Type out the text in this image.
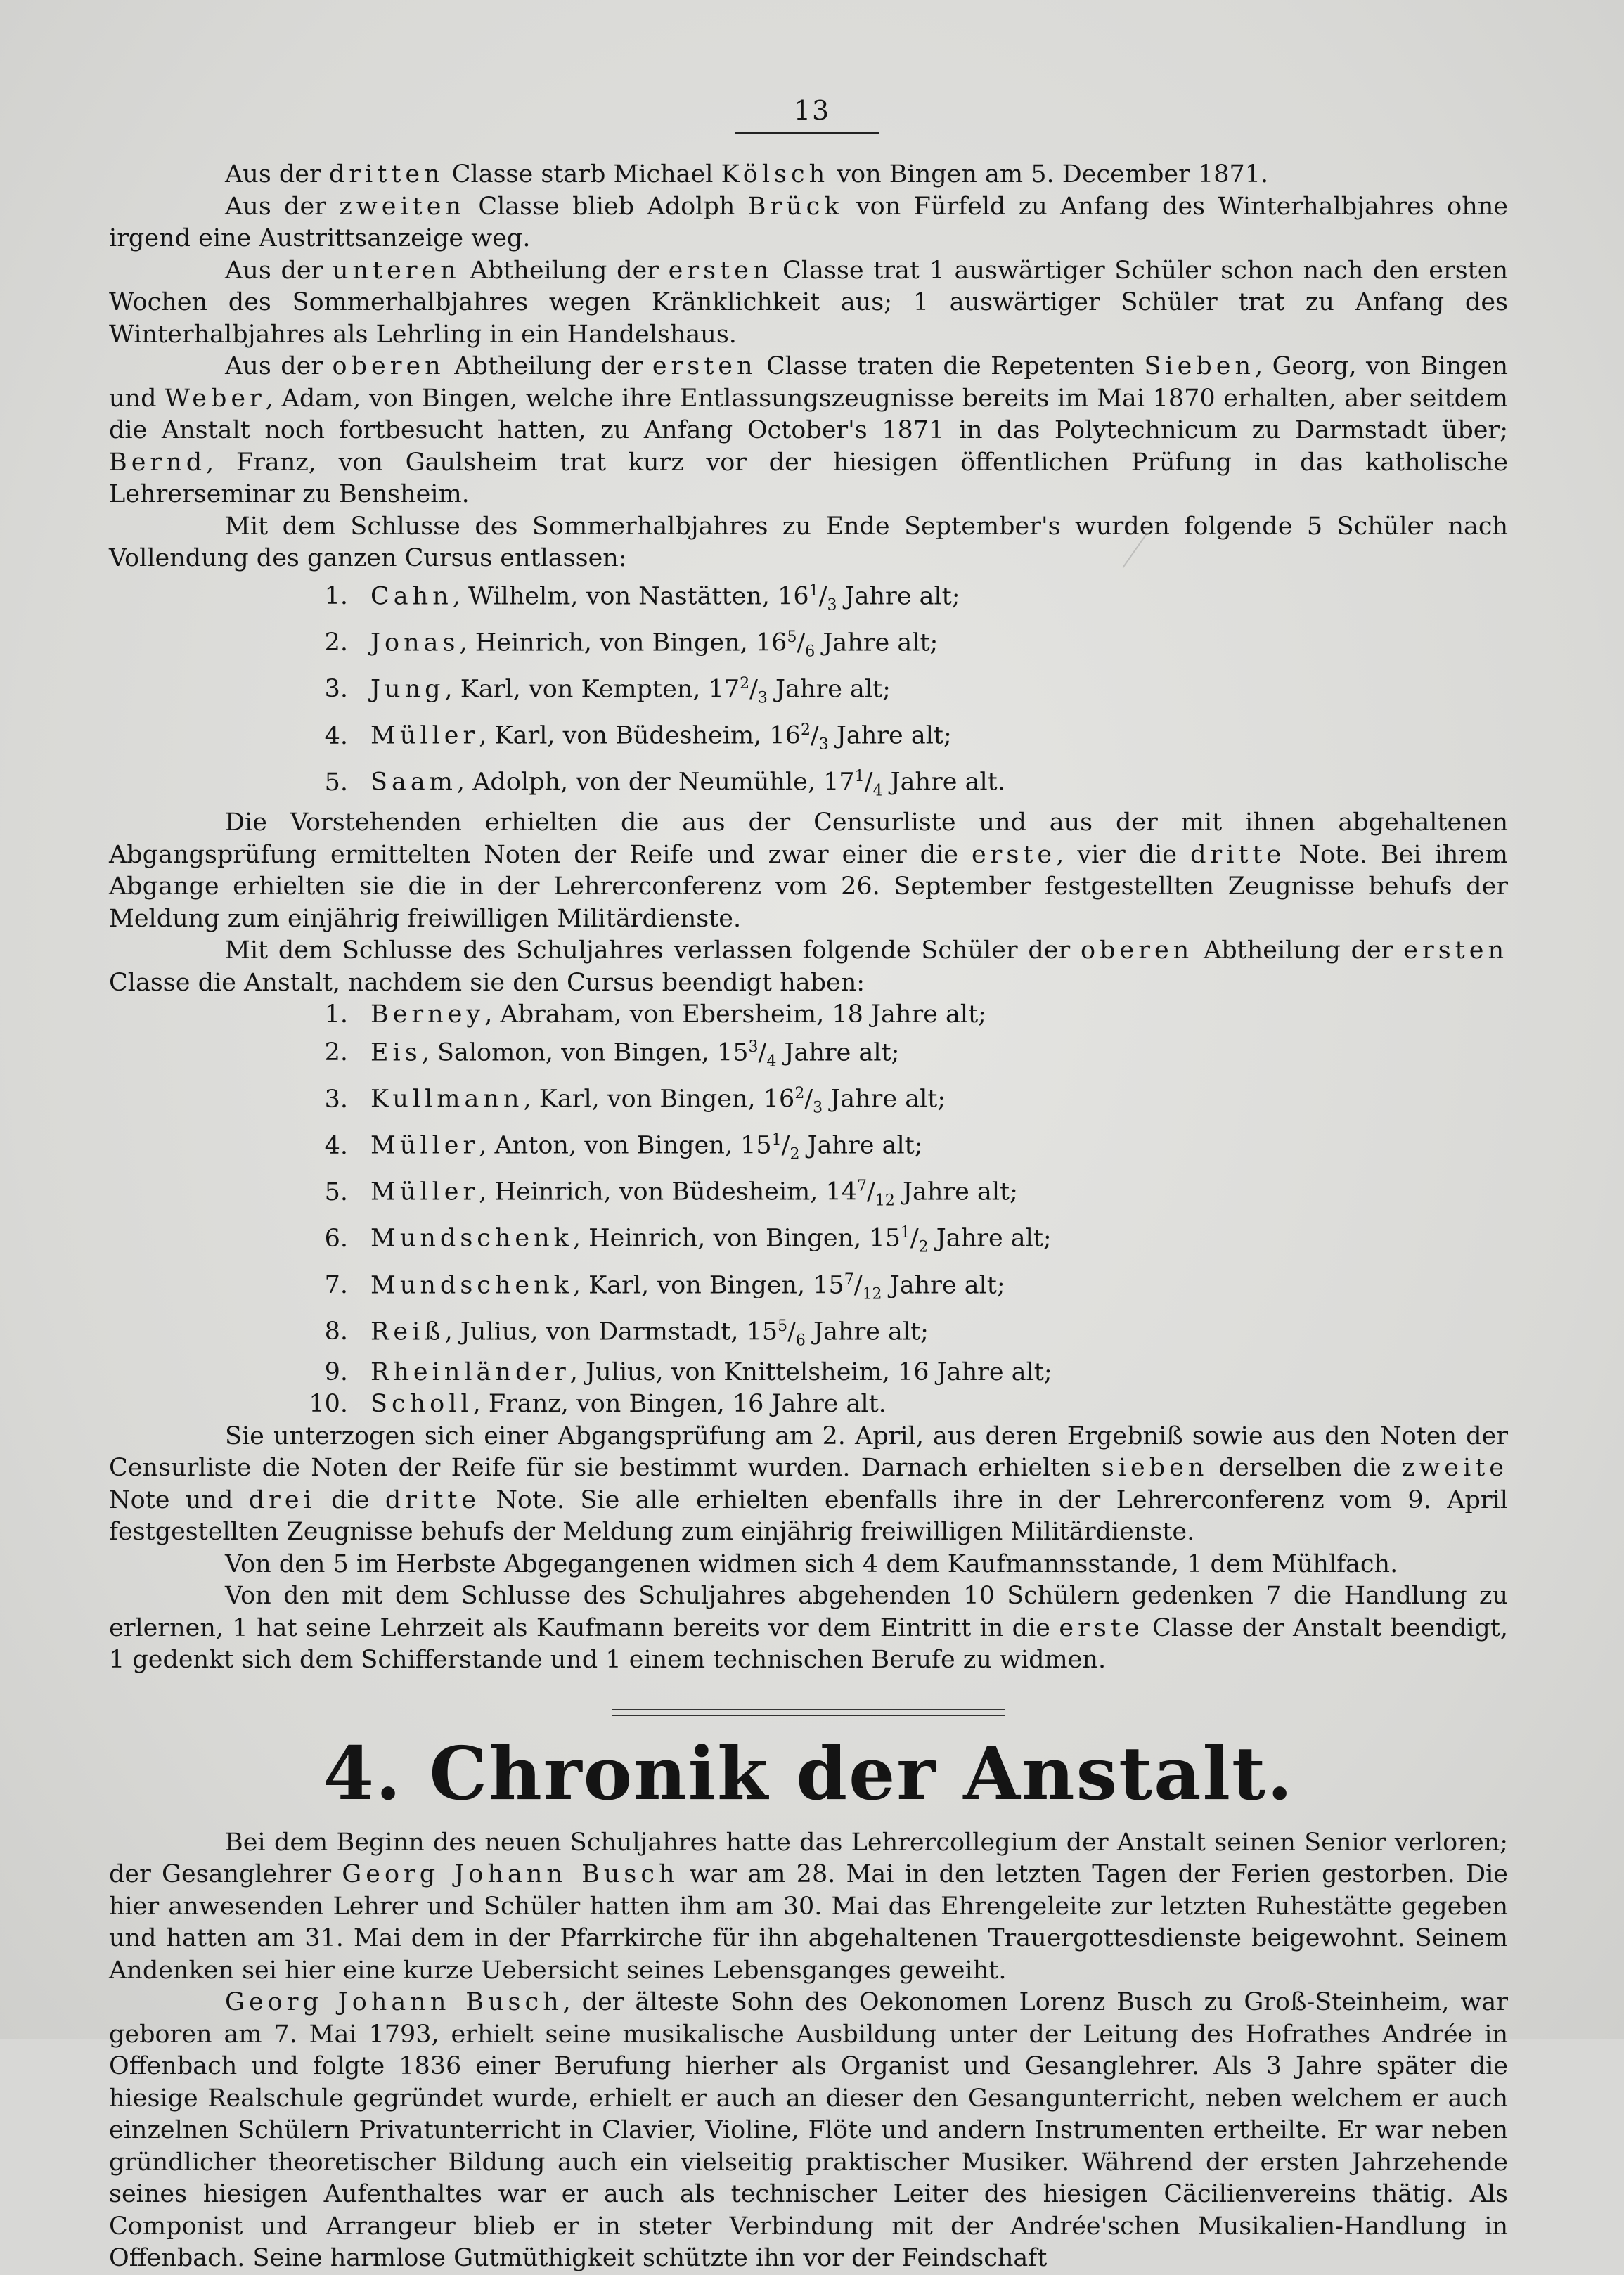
13

Aus der dritten Classe starb Michael Kölsch von Bingen am 5. December 1871.

Aus der zweiten Classe blieb Adolph Brück von Fürfeld zu Anfang des Winterhalbjahres ohne irgend eine Austrittsanzeige weg.

Aus der unteren Abtheilung der ersten Classe trat 1 auswärtiger Schüler schon nach den ersten Wochen des Sommerhalbjahres wegen Kränklichkeit aus; 1 auswärtiger Schüler trat zu Anfang des Winterhalbjahres als Lehrling in ein Handelshaus.

Aus der oberen Abtheilung der ersten Classe traten die Repetenten Sieben, Georg, von Bingen und Weber, Adam, von Bingen, welche ihre Entlassungszeugnisse bereits im Mai 1870 erhalten, aber seitdem die Anstalt noch fortbesucht hatten, zu Anfang October's 1871 in das Polytechnicum zu Darmstadt über; Bernd, Franz, von Gaulsheim trat kurz vor der hiesigen öffentlichen Prüfung in das katholische Lehrerseminar zu Bensheim.

Mit dem Schlusse des Sommerhalbjahres zu Ende September's wurden folgende 5 Schüler nach Vollendung des ganzen Cursus entlassen:

1. Cahn, Wilhelm, von Nastätten, $16^1/_3$ Jahre alt;
2. Jonas, Heinrich, von Bingen, $16^5/_6$ Jahre alt;
3. Jung, Karl, von Kempten, $17^2/_3$ Jahre alt;
4. Müller, Karl, von Büdesheim, $16^2/_3$ Jahre alt;
5. Saam, Adolph, von der Neumühle, $17^1/_4$ Jahre alt.

Die Vorstehenden erhielten die aus der Censurliste und aus der mit ihnen abgehaltenen Abgangsprüfung ermittelten Noten der Reife und zwar einer die erste, vier die dritte Note. Bei ihrem Abgange erhielten sie die in der Lehrerconferenz vom 26. September festgestellten Zeugnisse behufs der Meldung zum einjährig freiwilligen Militärdienste.

Mit dem Schlusse des Schuljahres verlassen folgende Schüler der oberen Abtheilung der ersten Classe die Anstalt, nachdem sie den Cursus beendigt haben:

1. Berney, Abraham, von Ebersheim, 18 Jahre alt;
2. Eis, Salomon, von Bingen, $15^3/_4$ Jahre alt;
3. Kullmann, Karl, von Bingen, $16^2/_3$ Jahre alt;
4. Müller, Anton, von Bingen, $15^1/_2$ Jahre alt;
5. Müller, Heinrich, von Büdesheim, $14^7/_{12}$ Jahre alt;
6. Mundschenk, Heinrich, von Bingen, $15^1/_2$ Jahre alt;
7. Mundschenk, Karl, von Bingen, $15^7/_{12}$ Jahre alt;
8. Reiß, Julius, von Darmstadt, $15^5/_6$ Jahre alt;
9. Rheinländer, Julius, von Knittelsheim, 16 Jahre alt;
10. Scholl, Franz, von Bingen, 16 Jahre alt.

Sie unterzogen sich einer Abgangsprüfung am 2. April, aus deren Ergebniß sowie aus den Noten der Censurliste die Noten der Reife für sie bestimmt wurden. Darnach erhielten sieben derselben die zweite Note und drei die dritte Note. Sie alle erhielten ebenfalls ihre in der Lehrerconferenz vom 9. April festgestellten Zeugnisse behufs der Meldung zum einjährig freiwilligen Militärdienste.

Von den 5 im Herbste Abgegangenen widmen sich 4 dem Kaufmannsstande, 1 dem Mühlfach.

Von den mit dem Schlusse des Schuljahres abgehenden 10 Schülern gedenken 7 die Handlung zu erlernen, 1 hat seine Lehrzeit als Kaufmann bereits vor dem Eintritt in die erste Classe der Anstalt beendigt, 1 gedenkt sich dem Schifferstande und 1 einem technischen Berufe zu widmen.

4. Chronik der Anstalt.

Bei dem Beginn des neuen Schuljahres hatte das Lehrercollegium der Anstalt seinen Senior verloren; der Gesanglehrer Georg Johann Busch war am 28. Mai in den letzten Tagen der Ferien gestorben. Die hier anwesenden Lehrer und Schüler hatten ihm am 30. Mai das Ehrengeleite zur letzten Ruhestätte gegeben und hatten am 31. Mai dem in der Pfarrkirche für ihn abgehaltenen Trauergottesdienste beigewohnt. Seinem Andenken sei hier eine kurze Uebersicht seines Lebensganges geweiht.

Georg Johann Busch, der älteste Sohn des Oekonomen Lorenz Busch zu Groß-Steinheim, war geboren am 7. Mai 1793, erhielt seine musikalische Ausbildung unter der Leitung des Hofrathes Andrée in Offenbach und folgte 1836 einer Berufung hierher als Organist und Gesanglehrer. Als 3 Jahre später die hiesige Realschule gegründet wurde, erhielt er auch an dieser den Gesangunterricht, neben welchem er auch einzelnen Schülern Privatunterricht in Clavier, Violine, Flöte und andern Instrumenten ertheilte. Er war neben gründlicher theoretischer Bildung auch ein vielseitig praktischer Musiker. Während der ersten Jahrzehende seines hiesigen Aufenthaltes war er auch als technischer Leiter des hiesigen Cäcilienvereins thätig. Als Componist und Arrangeur blieb er in steter Verbindung mit der Andrée'schen Musikalien-Handlung in Offenbach. Seine harmlose Gutmüthigkeit schützte ihn vor der Feindschaft
